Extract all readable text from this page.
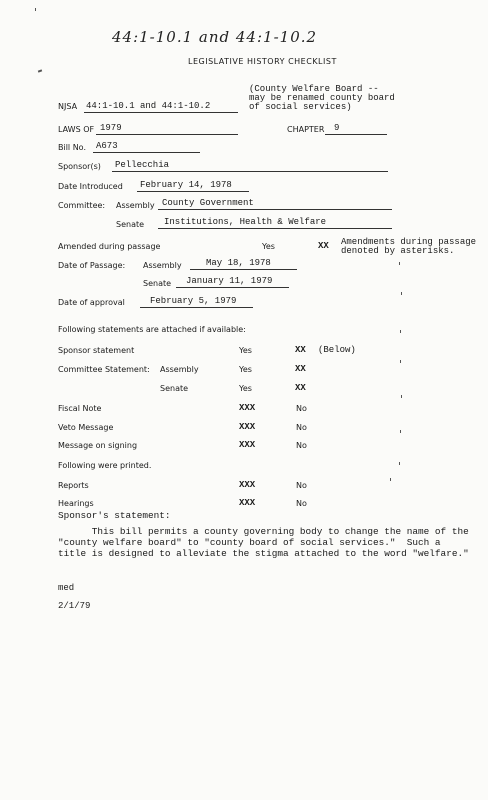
44:1-10.1 and 44:1-10.2
LEGISLATIVE HISTORY CHECKLIST
(County Welfare Board --
may be renamed county board
of social services)
NJSA 44:1-10.1 and 44:1-10.2
LAWS OF 1979	CHAPTER 9
Bill No. A673
Sponsor(s) Pellecchia
Date Introduced February 14, 1978
Committee: Assembly County Government
Senate Institutions, Health & Welfare
Amended during passage	Yes	XX Amendments during passage
denoted by asterisks.
Date of Passage: Assembly	May 18, 1978
Senate January 11, 1979
Date of approval	February 5, 1979
Following statements are attached if available:
Sponsor statement	Yes	XX (Below)
Committee Statement: Assembly	Yes	XX
Senate	Yes	XX
Fiscal Note	XXX	No
Veto Message	XXX	No
Message on signing	XXX	No
Following were printed.
Reports	XXX	No
Hearings	XXX	No
Sponsor's statement:
This bill permits a county governing body to change the name of the
"county welfare board" to "county board of social services."  Such a
title is designed to alleviate the stigma attached to the word "welfare."
med
2/1/79
